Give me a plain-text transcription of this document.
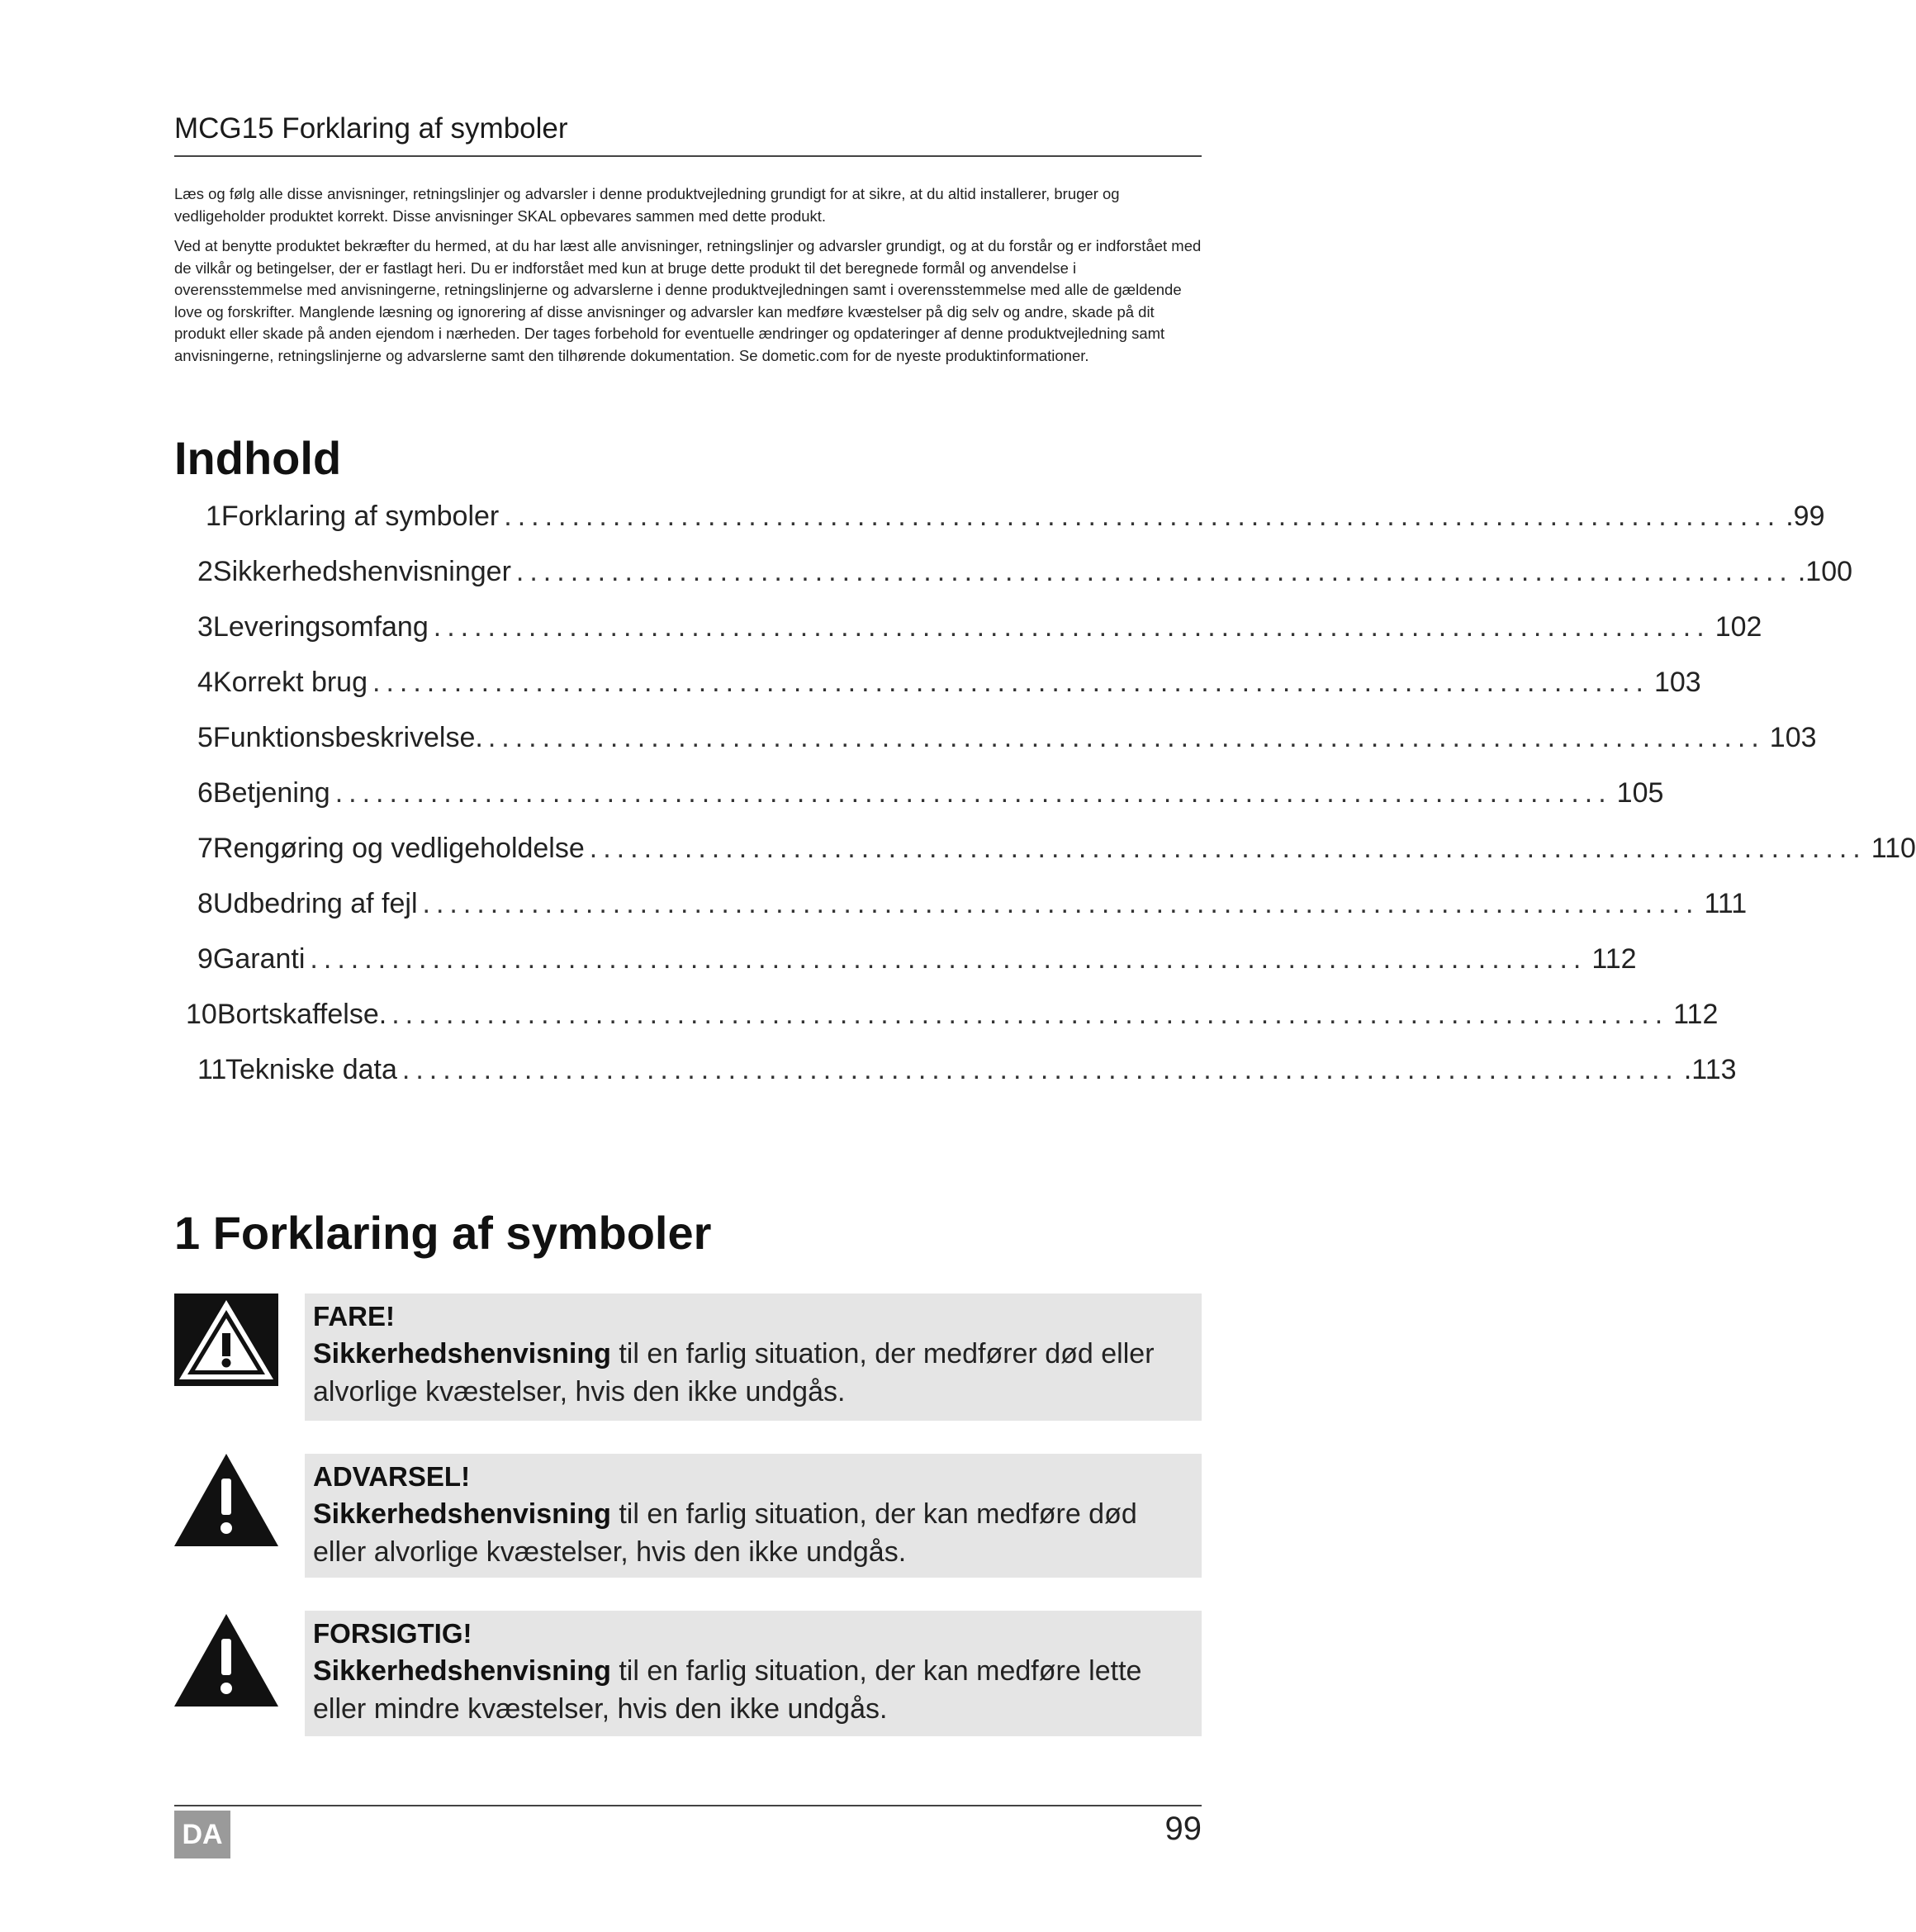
MCG15 Forklaring af symboler

Læs og følg alle disse anvisninger, retningslinjer og advarsler i denne produktvejledning grundigt for at sikre, at du altid installerer, bruger og vedligeholder produktet korrekt. Disse anvisninger SKAL opbevares sammen med dette produkt.

Ved at benytte produktet bekræfter du hermed, at du har læst alle anvisninger, retningslinjer og advarsler grundigt, og at du forstår og er indforstået med de vilkår og betingelser, der er fastlagt heri. Du er indforstået med kun at bruge dette produkt til det beregnede formål og anvendelse i overensstemmelse med anvisningerne, retningslinjerne og advarslerne i denne produktvejledningen samt i overensstemmelse med alle de gældende love og forskrifter. Manglende læsning og ignorering af disse anvisninger og advarsler kan medføre kvæstelser på dig selv og andre, skade på dit produkt eller skade på anden ejendom i nærheden. Der tages forbehold for eventuelle ændringer og opdateringer af denne produktvejledning samt anvisningerne, retningslinjerne og advarslerne samt den tilhørende dokumentation. Se dometic.com for de nyeste produktinformationer.

Indhold
1 Forklaring af symboler .............................................................................................. .99
2 Sikkerhedshenvisninger .............................................................................................. .100
3 Leveringsomfang .............................................................................................. 102
4 Korrekt brug .............................................................................................. 103
5 Funktionsbeskrivelse. .............................................................................................. 103
6 Betjening .............................................................................................. 105
7 Rengøring og vedligeholdelse .............................................................................................. 110
8 Udbedring af fejl .............................................................................................. 111
9 Garanti .............................................................................................. 112
10 Bortskaffelse. .............................................................................................. 112
11
Tekniske data .............................................................................................. .113
1 Forklaring af symboler
FARE!
Sikkerhedshenvisning til en farlig situation, der medfører død eller alvorlige kvæstelser, hvis den ikke undgås.
ADVARSEL!
Sikkerhedshenvisning til en farlig situation, der kan medføre død eller alvorlige kvæstelser, hvis den ikke undgås.
FORSIGTIG!
Sikkerhedshenvisning til en farlig situation, der kan medføre lette eller mindre kvæstelser, hvis den ikke undgås.
DA	99
